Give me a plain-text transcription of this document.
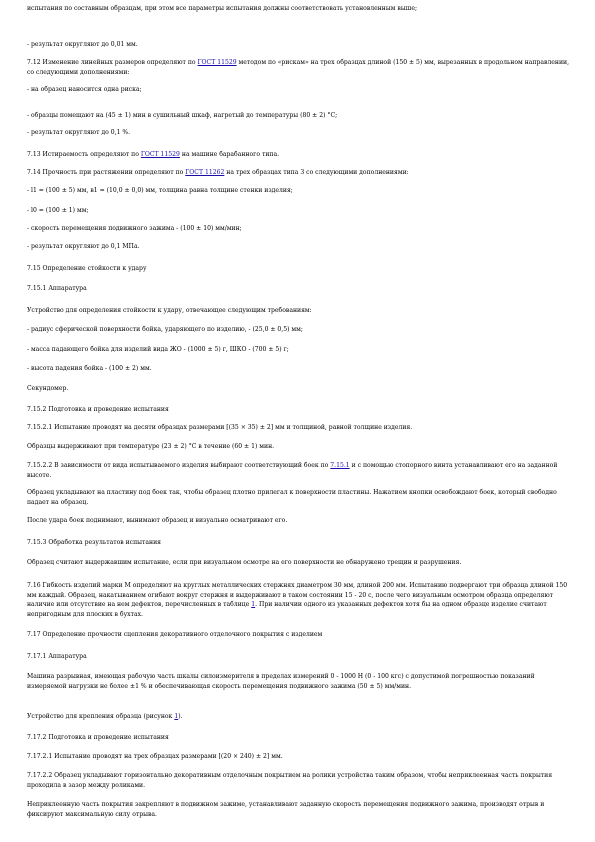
испытания по составным образцам, при этом все параметры испытания должны соответствовать установленным выше;
- результат округляют до 0,01 мм.
7.12 Изменение линейных размеров определяют по ГОСТ 11529 методом по «рискам» на трех образцах длиной (150 ± 5) мм, вырезанных в продольном направлении, со следующими дополнениями:
- на образец наносится одна риска;
- образцы помещают на (45 ± 1) мин в сушильный шкаф, нагретый до температуры (80 ± 2) °С;
- результат округляют до 0,1 %.
7.13 Истираемость определяют по ГОСТ 11529 на машине барабанного типа.
7.14 Прочность при растяжении определяют по ГОСТ 11262 на трех образцах типа 3 со следующими дополнениями:
- l1 = (100 ± 5) мм, в1 = (10,0 ± 0,0) мм, толщина равна толщине стенки изделия;
- l0 = (100 ± 1) мм;
- скорость перемещения подвижного зажима - (100 ± 10) мм/мин;
- результат округляют до 0,1 МПа.
7.15 Определение стойкости к удару
7.15.1 Аппаратура
Устройство для определения стойкости к удару, отвечающее следующим требованиям:
- радиус сферической поверхности бойка, ударяющего по изделию, - (25,0 ± 0,5) мм;
- масса падающего бойка для изделий вида ЖО - (1000 ± 5) г, ШКО - (700 ± 5) г;
- высота падения бойка - (100 ± 2) мм.
Секундомер.
7.15.2 Подготовка и проведение испытания
7.15.2.1 Испытание проводят на десяти образцах размерами [(35 × 35) ± 2] мм и толщиной, равной толщине изделия.
Образцы выдерживают при температуре (23 ± 2) °С в течение (60 ± 1) мин.
7.15.2.2 В зависимости от вида испытываемого изделия выбирают соответствующий боек по 7.15.1 и с помощью стопорного винта устанавливают его на заданной высоте.
Образец укладывают на пластину под боек так, чтобы образец плотно прилегал к поверхности пластины. Нажатием кнопки освобождают боек, который свободно падает на образец.
После удара боек поднимают, вынимают образец и визуально осматривают его.
7.15.3 Обработка результатов испытания
Образец считают выдержавшим испытание, если при визуальном осмотре на его поверхности не обнаружено трещин и разрушения.
7.16 Гибкость изделий марки М определяют на круглых металлических стержнях диаметром 30 мм, длиной 200 мм. Испытанию подвергают три образца длиной 150 мм каждый. Образец, накатыванием огибают вокруг стержня и выдерживают в таком состоянии 15 - 20 с, после чего визуальным осмотром образца определяют наличие или отсутствие на нем дефектов, перечисленных в таблице 1. При наличии одного из указанных дефектов хотя бы на одном образце изделие считают непригодным для плоских в бухтах.
7.17 Определение прочности сцепления декоративного отделочного покрытия с изделием
7.17.1 Аппаратура
Машина разрывная, имеющая рабочую часть шкалы силоизмерителя в пределах измерений 0 - 1000 Н (0 - 100 кгс) с допустимой погрешностью показаний измеряемой нагрузки не более ±1 % и обеспечивающая скорость перемещения подвижного зажима (50 ± 5) мм/мин.
Устройство для крепления образца (рисунок 1).
7.17.2 Подготовка и проведение испытания
7.17.2.1 Испытание проводят на трех образцах размерами [(20 × 240) ± 2] мм.
7.17.2.2 Образец укладывают горизонтально декоративным отделочным покрытием на ролики устройства таким образом, чтобы неприклеенная часть покрытия проходила в зазор между роликами.
Неприклеенную часть покрытия закрепляют в подвижном зажиме, устанавливают заданную скорость перемещения подвижного зажима, производят отрыв и фиксируют максимальную силу отрыва.
